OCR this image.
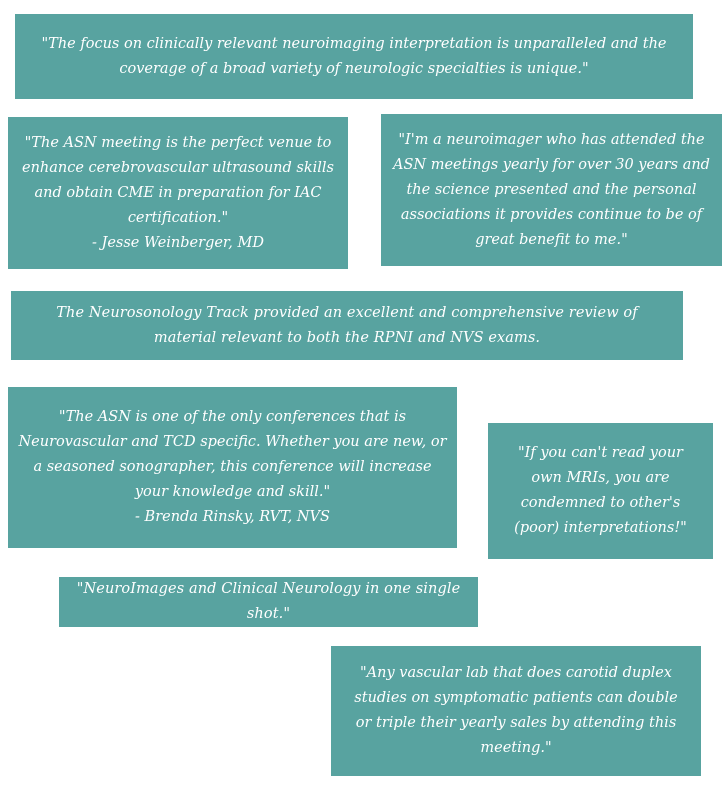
"The focus on clinically relevant neuroimaging interpretation is unparalleled and the coverage of a broad variety of neurologic specialties is unique."

"The ASN meeting is the perfect venue to enhance cerebrovascular ultrasound skills and obtain CME in preparation for IAC certification."

- Jesse Weinberger, MD

"I'm a neuroimager who has attended the ASN meetings yearly for over 30 years and the science presented and the personal associations it provides continue to be of great benefit to me."

The Neurosonology Track provided an excellent and comprehensive review of material relevant to both the RPNI and NVS exams.

"The ASN is one of the only conferences that is Neurovascular and TCD specific. Whether you are new, or a seasoned sonographer, this conference will increase your knowledge and skill."

- Brenda Rinsky, RVT, NVS

"If you can't read your own MRIs, you are condemned to other's (poor) interpretations!"

"NeuroImages and Clinical Neurology in one single shot."

"Any vascular lab that does carotid duplex studies on symptomatic patients can double or triple their yearly sales by attending this meeting."
